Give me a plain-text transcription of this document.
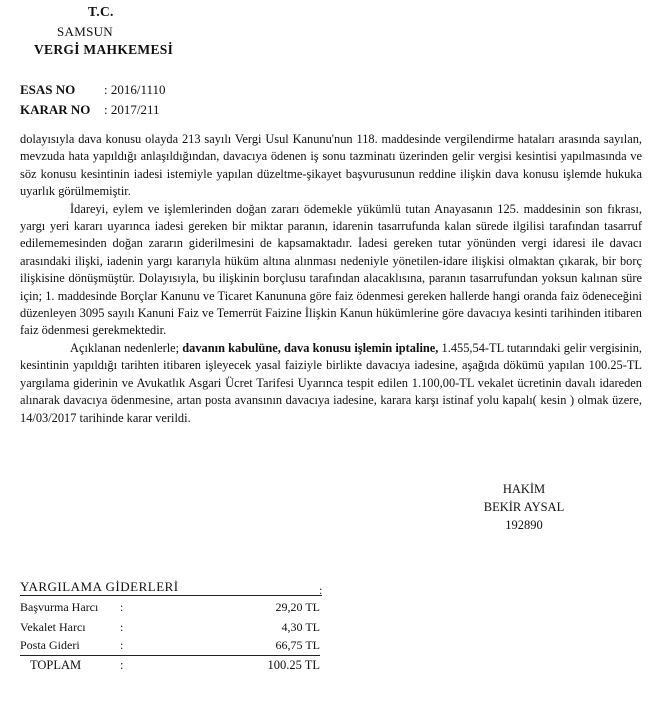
T.C.
SAMSUN
VERGİ MAHKEMESİ
ESAS NO : 2016/1110
KARAR NO : 2017/211

dolayısıyla dava konusu olayda 213 sayılı Vergi Usul Kanunu'nun 118. maddesinde vergilendirme hataları arasında sayılan, mevzuda hata yapıldığı anlaşıldığından, davacıya ödenen iş sonu tazminatı üzerinden gelir vergisi kesintisi yapılmasında ve söz konusu kesintinin iadesi istemiyle yapılan düzeltme-şikayet başvurusunun reddine ilişkin dava konusu işlemde hukuka uyarlık görülmemiştir.

İdareyi, eylem ve işlemlerinden doğan zararı ödemekle yükümlü tutan Anayasanın 125. maddesinin son fıkrası, yargı yeri kararı uyarınca iadesi gereken bir miktar paranın, idarenin tasarrufunda kalan sürede ilgilisi tarafından tasarruf edilememesinden doğan zararın giderilmesini de kapsamaktadır. İadesi gereken tutar yönünden vergi idaresi ile davacı arasındaki ilişki, iadenin yargı kararıyla hüküm altına alınması nedeniyle yönetilen-idare ilişkisi olmaktan çıkarak, bir borç ilişkisine dönüşmüştür. Dolayısıyla, bu ilişkinin borçlusu tarafından alacaklısına, paranın tasarrufundan yoksun kalınan süre için; 1. maddesinde Borçlar Kanunu ve Ticaret Kanununa göre faiz ödenmesi gereken hallerde hangi oranda faiz ödeneceğini düzenleyen 3095 sayılı Kanuni Faiz ve Temerrüt Faizine İlişkin Kanun hükümlerine göre davacıya kesinti tarihinden itibaren faiz ödenmesi gerekmektedir.

Açıklanan nedenlerle; davanın kabulüne, dava konusu işlemin iptaline, 1.455,54-TL tutarındaki gelir vergisinin, kesintinin yapıldığı tarihten itibaren işleyecek yasal faiziyle birlikte davacıya iadesine, aşağıda dökümü yapılan 100.25-TL yargılama giderinin ve Avukatlık Asgari Ücret Tarifesi Uyarınca tespit edilen 1.100,00-TL vekalet ücretinin davalı idareden alınarak davacıya ödenmesine, artan posta avansının davacıya iadesine, karara karşı istinaf yolu kapalı( kesin ) olmak üzere, 14/03/2017 tarihinde karar verildi.

HAKİM
BEKİR AYSAL
192890
YARGILAMA GİDERLERİ	:
Başvurma Harcı :	29,20 TL
Vekalet Harcı	:	4,30 TL
Posta Gideri	:	66,75 TL
TOPLAM	:	100.25 TL
